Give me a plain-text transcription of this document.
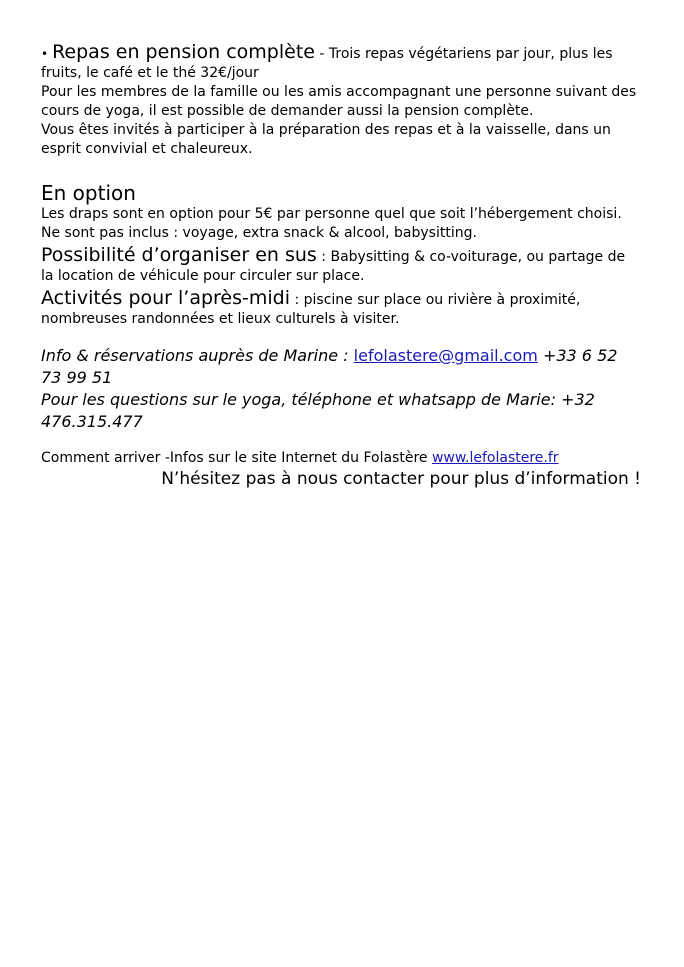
• Repas en pension complète - Trois repas végétariens par jour, plus les fruits, le café et le thé 32€/jour

Pour les membres de la famille ou les amis accompagnant une personne suivant des cours de yoga, il est possible de demander aussi la pension complète.

Vous êtes invités à participer à la préparation des repas et à la vaisselle, dans un esprit convivial et chaleureux.

En option

Les draps sont en option pour 5€ par personne quel que soit l’hébergement choisi.

Ne sont pas inclus : voyage, extra snack & alcool, babysitting.

Possibilité d’organiser en sus : Babysitting & co-voiturage, ou partage de la location de véhicule pour circuler sur place.

Activités pour l’après-midi : piscine sur place ou rivière à proximité, nombreuses randonnées et lieux culturels à visiter.

Info & réservations auprès de Marine : lefolastere@gmail.com +33 6 52 73 99 51

Pour les questions sur le yoga, téléphone et whatsapp de Marie: +32 476.315.477

Comment arriver -Infos sur le site Internet du Folastère www.lefolastere.fr

N’hésitez pas à nous contacter pour plus d’information !
